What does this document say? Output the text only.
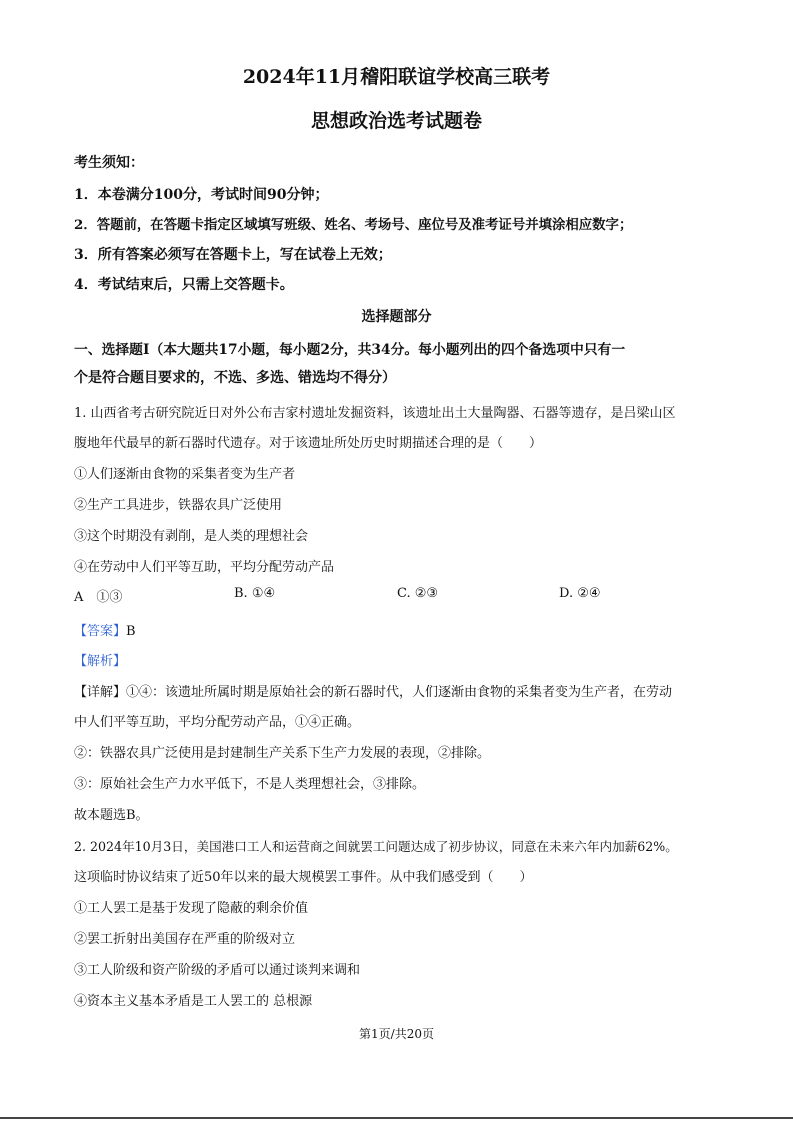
2024年11月稽阳联谊学校高三联考
思想政治选考试题卷
考生须知：
1．本卷满分100分，考试时间90分钟；
2．答题前，在答题卡指定区域填写班级、姓名、考场号、座位号及准考证号并填涂相应数字；
3．所有答案必须写在答题卡上，写在试卷上无效；
4．考试结束后，只需上交答题卡。
选择题部分
一、选择题Ⅰ（本大题共17小题，每小题2分，共34分。每小题列出的四个备选项中只有一
个是符合题目要求的，不选、多选、错选均不得分）
1. 山西省考古研究院近日对外公布吉家村遗址发掘资料，该遗址出土大量陶器、石器等遗存，是吕梁山区
腹地年代最早的新石器时代遗存。对于该遗址所处历史时期描述合理的是（　　）
①人们逐渐由食物的采集者变为生产者
②生产工具进步，铁器农具广泛使用
③这个时期没有剥削，是人类的理想社会
④在劳动中人们平等互助，平均分配劳动产品
A　①③	B. ①④	C. ②③	D. ②④
【答案】B
【解析】
【详解】①④：该遗址所属时期是原始社会的新石器时代，人们逐渐由食物的采集者变为生产者，在劳动
中人们平等互助，平均分配劳动产品，①④正确。
②：铁器农具广泛使用是封建制生产关系下生产力发展的表现，②排除。
③：原始社会生产力水平低下，不是人类理想社会，③排除。
故本题选B。
2. 2024年10月3日，美国港口工人和运营商之间就罢工问题达成了初步协议，同意在未来六年内加薪62%。
这项临时协议结束了近50年以来的最大规模罢工事件。从中我们感受到（　　）
①工人罢工是基于发现了隐蔽的剩余价值
②罢工折射出美国存在严重的阶级对立
③工人阶级和资产阶级的矛盾可以通过谈判来调和
④资本主义基本矛盾是工人罢工的 总根源
第1页/共20页
